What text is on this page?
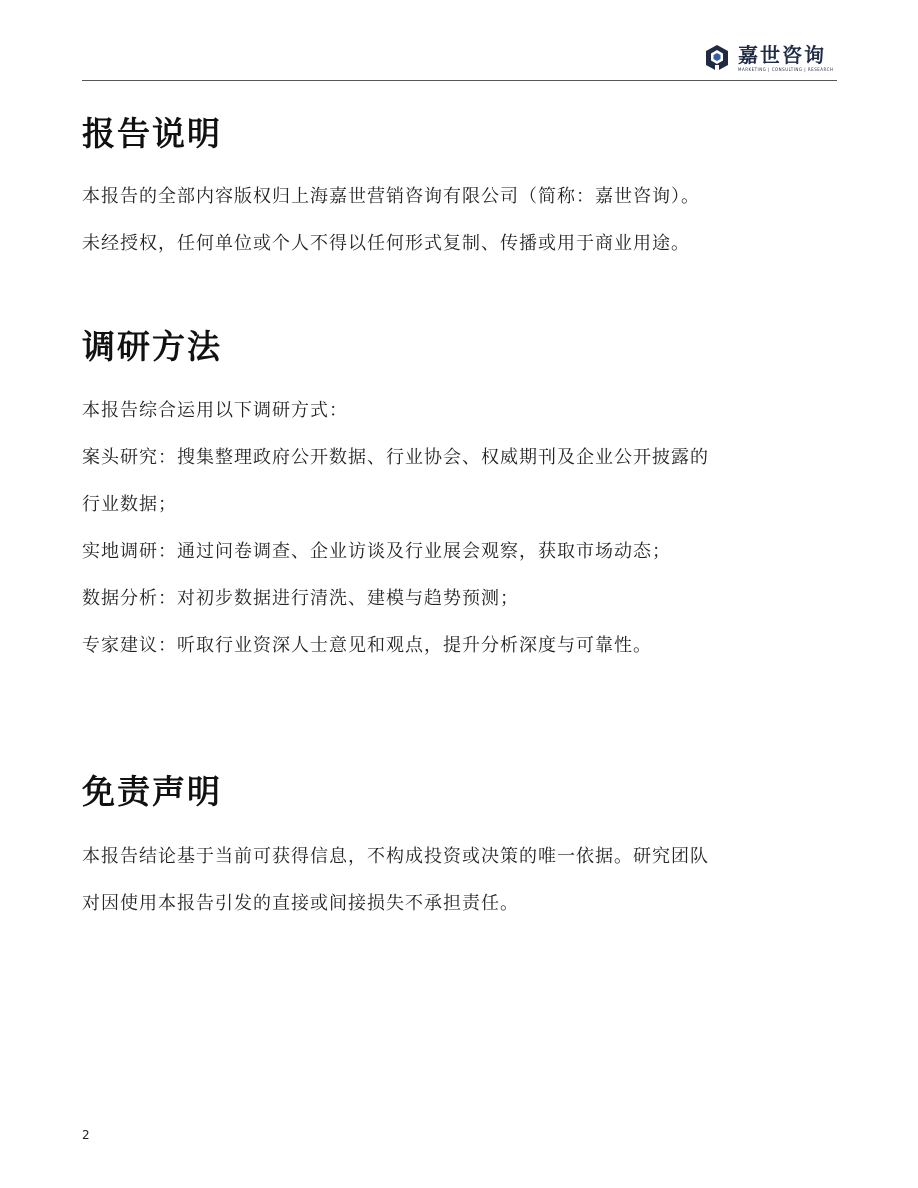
嘉世咨询
MARKETING | CONSULTING | RESEARCH
报告说明

本报告的全部内容版权归上海嘉世营销咨询有限公司（简称：嘉世咨询）。
未经授权，任何单位或个人不得以任何形式复制、传播或用于商业用途。

调研方法

本报告综合运用以下调研方式：
案头研究：搜集整理政府公开数据、行业协会、权威期刊及企业公开披露的
行业数据；
实地调研：通过问卷调查、企业访谈及行业展会观察，获取市场动态；
数据分析：对初步数据进行清洗、建模与趋势预测；
专家建议：听取行业资深人士意见和观点，提升分析深度与可靠性。

免责声明

本报告结论基于当前可获得信息，不构成投资或决策的唯一依据。研究团队
对因使用本报告引发的直接或间接损失不承担责任。

2
